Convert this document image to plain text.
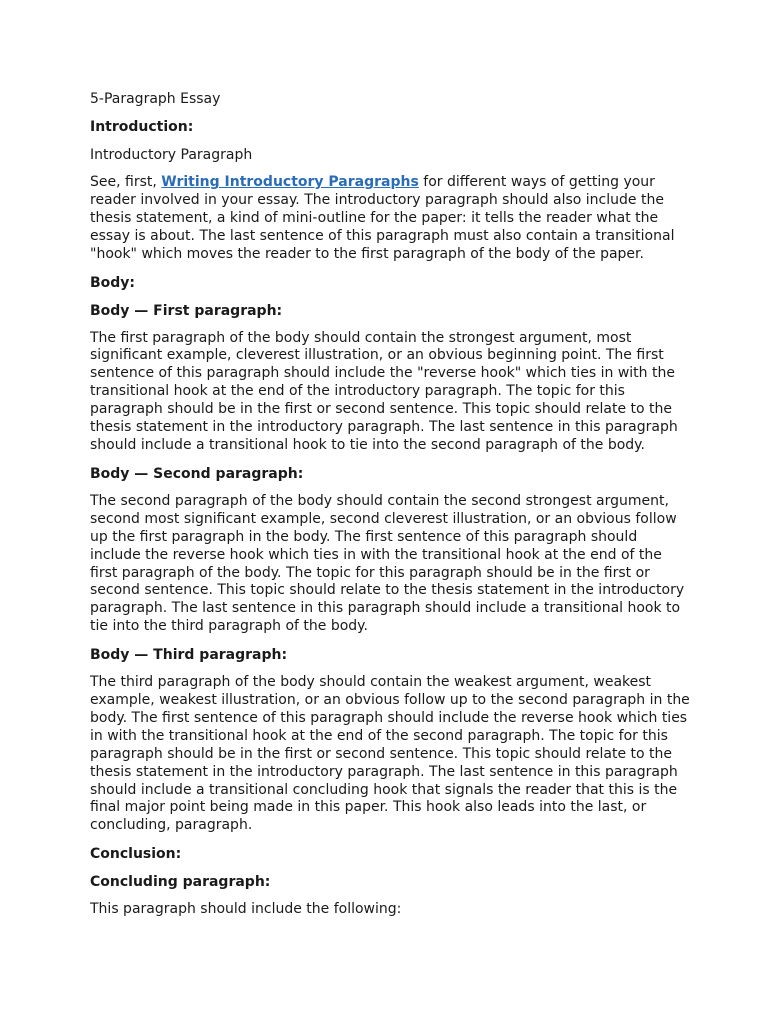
5-Paragraph Essay

Introduction:

Introductory Paragraph

See, first, Writing Introductory Paragraphs for different ways of getting your reader involved in your essay. The introductory paragraph should also include the thesis statement, a kind of mini-outline for the paper: it tells the reader what the essay is about. The last sentence of this paragraph must also contain a transitional "hook" which moves the reader to the first paragraph of the body of the paper.

Body:

Body — First paragraph:

The first paragraph of the body should contain the strongest argument, most significant example, cleverest illustration, or an obvious beginning point. The first sentence of this paragraph should include the "reverse hook" which ties in with the transitional hook at the end of the introductory paragraph. The topic for this paragraph should be in the first or second sentence. This topic should relate to the thesis statement in the introductory paragraph. The last sentence in this paragraph should include a transitional hook to tie into the second paragraph of the body.

Body — Second paragraph:

The second paragraph of the body should contain the second strongest argument, second most significant example, second cleverest illustration, or an obvious follow up the first paragraph in the body. The first sentence of this paragraph should include the reverse hook which ties in with the transitional hook at the end of the first paragraph of the body. The topic for this paragraph should be in the first or second sentence. This topic should relate to the thesis statement in the introductory paragraph. The last sentence in this paragraph should include a transitional hook to tie into the third paragraph of the body.

Body — Third paragraph:

The third paragraph of the body should contain the weakest argument, weakest example, weakest illustration, or an obvious follow up to the second paragraph in the body. The first sentence of this paragraph should include the reverse hook which ties in with the transitional hook at the end of the second paragraph. The topic for this paragraph should be in the first or second sentence. This topic should relate to the thesis statement in the introductory paragraph. The last sentence in this paragraph should include a transitional concluding hook that signals the reader that this is the final major point being made in this paper. This hook also leads into the last, or concluding, paragraph.

Conclusion:

Concluding paragraph:

This paragraph should include the following:
